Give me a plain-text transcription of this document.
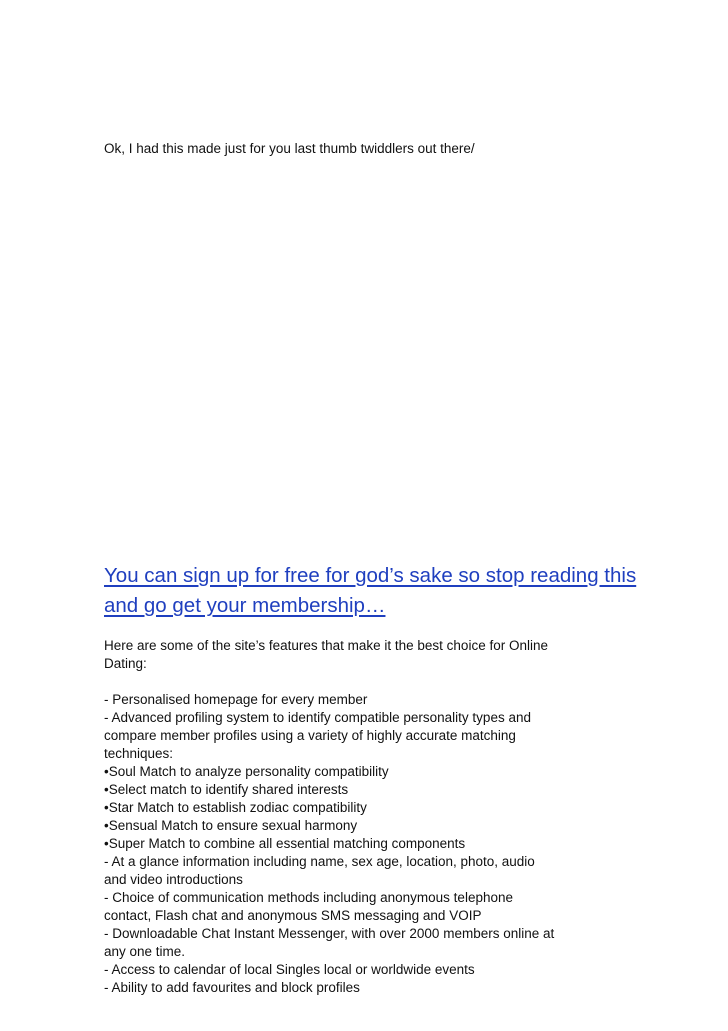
Ok, I had this made just for you last thumb twiddlers out there/
You can sign up for free for god’s sake so stop reading this
and go get your membership…
Here are some of the site’s features that make it the best choice for Online
Dating:
- Personalised homepage for every member
- Advanced profiling system to identify compatible personality types and
compare member profiles using a variety of highly accurate matching
techniques:
•Soul Match to analyze personality compatibility
•Select match to identify shared interests
•Star Match to establish zodiac compatibility
•Sensual Match to ensure sexual harmony
•Super Match to combine all essential matching components
- At a glance information including name, sex age, location, photo, audio
and video introductions
- Choice of communication methods including anonymous telephone
contact, Flash chat and anonymous SMS messaging and VOIP
- Downloadable Chat Instant Messenger, with over 2000 members online at
any one time.
- Access to calendar of local Singles local or worldwide events
- Ability to add favourites and block profiles
